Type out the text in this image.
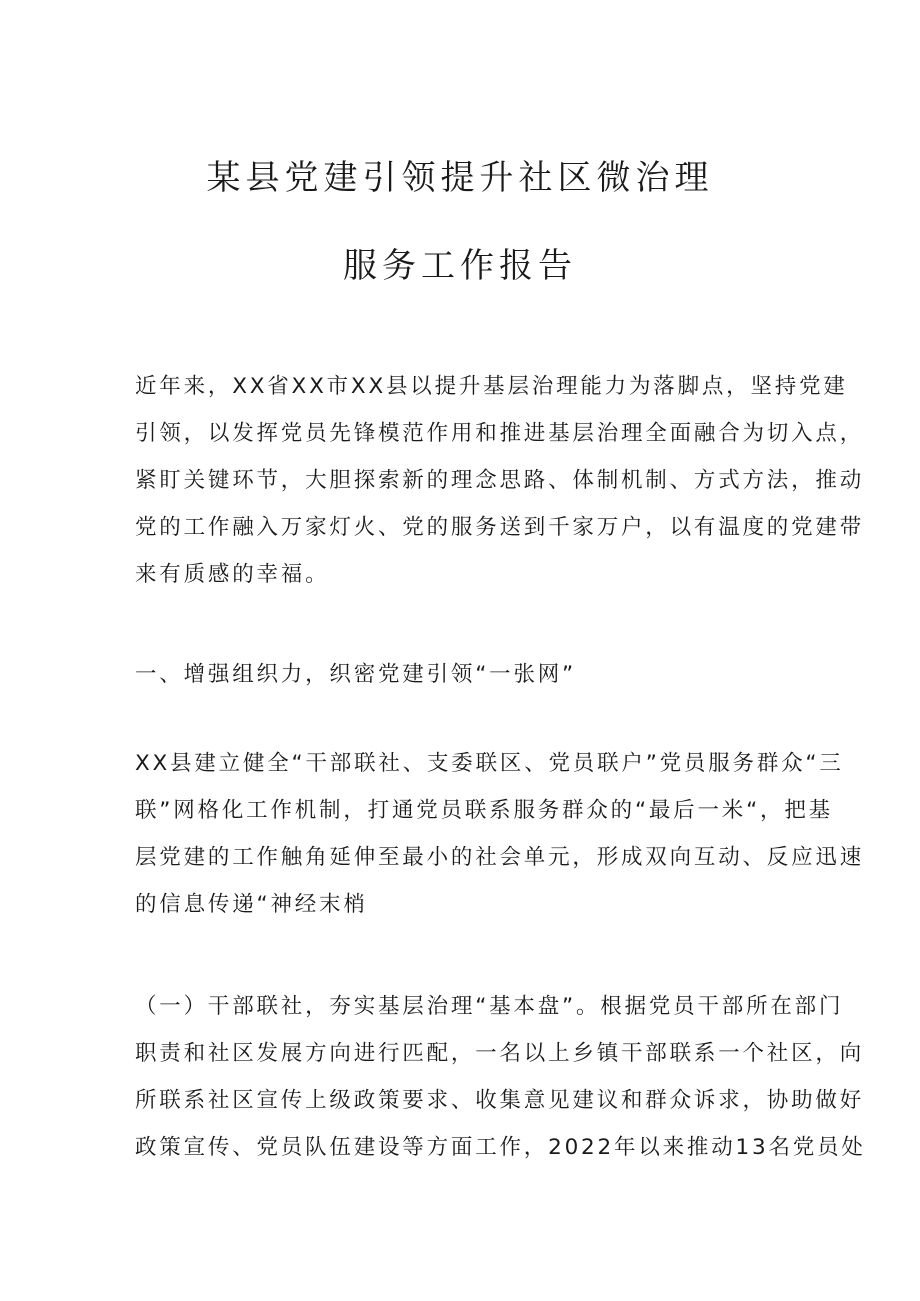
某县党建引领提升社区微治理
服务工作报告

近年来，XX省XX市XX县以提升基层治理能力为落脚点，坚持党建
引领，以发挥党员先锋模范作用和推进基层治理全面融合为切入点，
紧盯关键环节，大胆探索新的理念思路、体制机制、方式方法，推动
党的工作融入万家灯火、党的服务送到千家万户，以有温度的党建带
来有质感的幸福。

一、增强组织力，织密党建引领“一张网”

XX县建立健全“干部联社、支委联区、党员联户”党员服务群众“三
联”网格化工作机制，打通党员联系服务群众的“最后一米“，把基
层党建的工作触角延伸至最小的社会单元，形成双向互动、反应迅速
的信息传递“神经末梢

（一）干部联社，夯实基层治理“基本盘”。根据党员干部所在部门
职责和社区发展方向进行匹配，一名以上乡镇干部联系一个社区，向
所联系社区宣传上级政策要求、收集意见建议和群众诉求，协助做好
政策宣传、党员队伍建设等方面工作，2022年以来推动13名党员处
